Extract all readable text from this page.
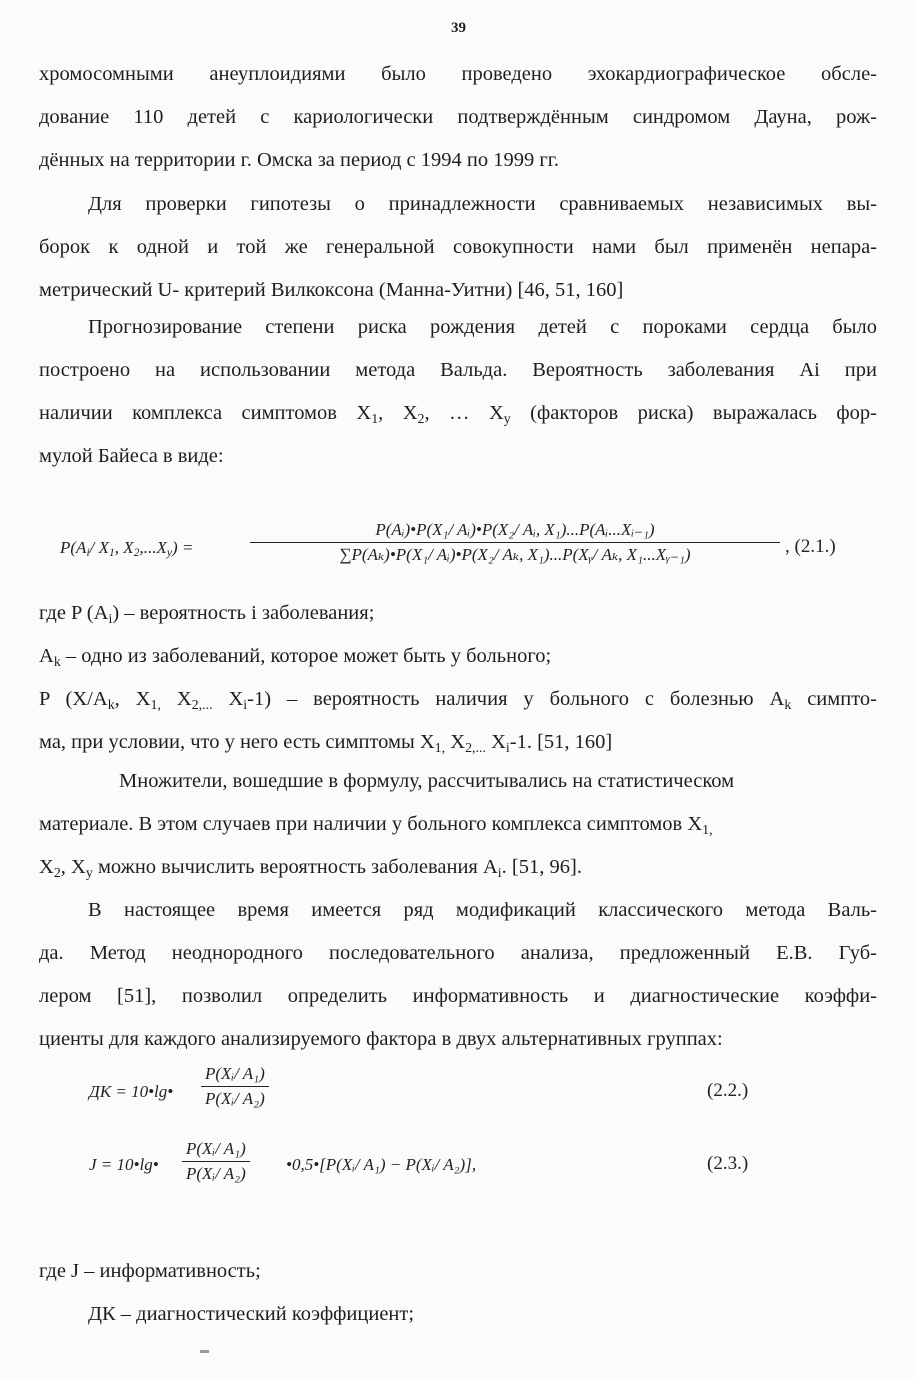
39
хромосомными анеуплоидиями было проведено эхокардиографическое обсле-
дование 110 детей с кариологически подтверждённым синдромом Дауна, рож-
дённых на территории г. Омска за период с 1994 по 1999 гг.
Для проверки гипотезы о принадлежности сравниваемых независимых вы-
борок к одной и той же генеральной совокупности нами был применён непара-
метрический U- критерий Вилкоксона (Манна-Уитни) [46, 51, 160]
Прогнозирование степени риска рождения детей с пороками сердца было
построено на использовании метода Вальда. Вероятность заболевания Ai при
наличии комплекса симптомов $X_1$, $X_2$, … $X_y$ (факторов риска) выражалась фор-
мулой Байеса в виде:
$P(A_i/$ $X_1$, $X_2,...X_y$) =	$\frac{\text{P(Aᵢ)•P(X₁/ Aᵢ)•P(X₂/ Aᵢ, X₁)...P(Aᵢ...Xᵢ₋₁)}}{\text{∑P(Aₖ)•P(X₁/ Aᵢ)•P(X₂/ Aₖ, X₁)...P(Xᵧ/ Aₖ, X₁...Xᵧ₋₁)}}$ , (2.1.)
где P $(A_i)$ – вероятность i заболевания;
$A_k$ – одно из заболеваний, которое может быть у больного;
P ($X/A_k$, $X_{1,}$ $X_{2,...}$ $X_i-1$) – вероятность наличия у больного с болезнью $A_k$ симпто-
ма, при условии, что у него есть симптомы $X_{1,}$ $X_{2,...}$ $X_i-1$. [51, 160]
Множители, вошедшие в формулу, рассчитывались на статистическом
материале. В этом случаев при наличии у больного комплекса симптомов $X_{1,}$
$X_2$, $X_y$ можно вычислить вероятность заболевания $A_i$. [51, 96].
В настоящее время имеется ряд модификаций классического метода Валь-
да. Метод неоднородного последовательного анализа, предложенный Е.В. Губ-
лером [51], позволил определить информативность и диагностические коэффи-
циенты для каждого анализируемого фактора в двух альтернативных группах:
ДК = 10•lg• $\frac{\text{P(Xᵢ/ A₁)}}{\text{P(Xᵢ/ A₂)}}$	(2.2.)
J = 10•lg• $\frac{\text{P(Xᵢ/ A₁)}}{\text{P(Xᵢ/ A₂)}}$ •0,5•[P(Xᵢ/ A₁) − P(Xᵢ/ A₂)],	(2.3.)
где J – информативность;
ДК – диагностический коэффициент;
